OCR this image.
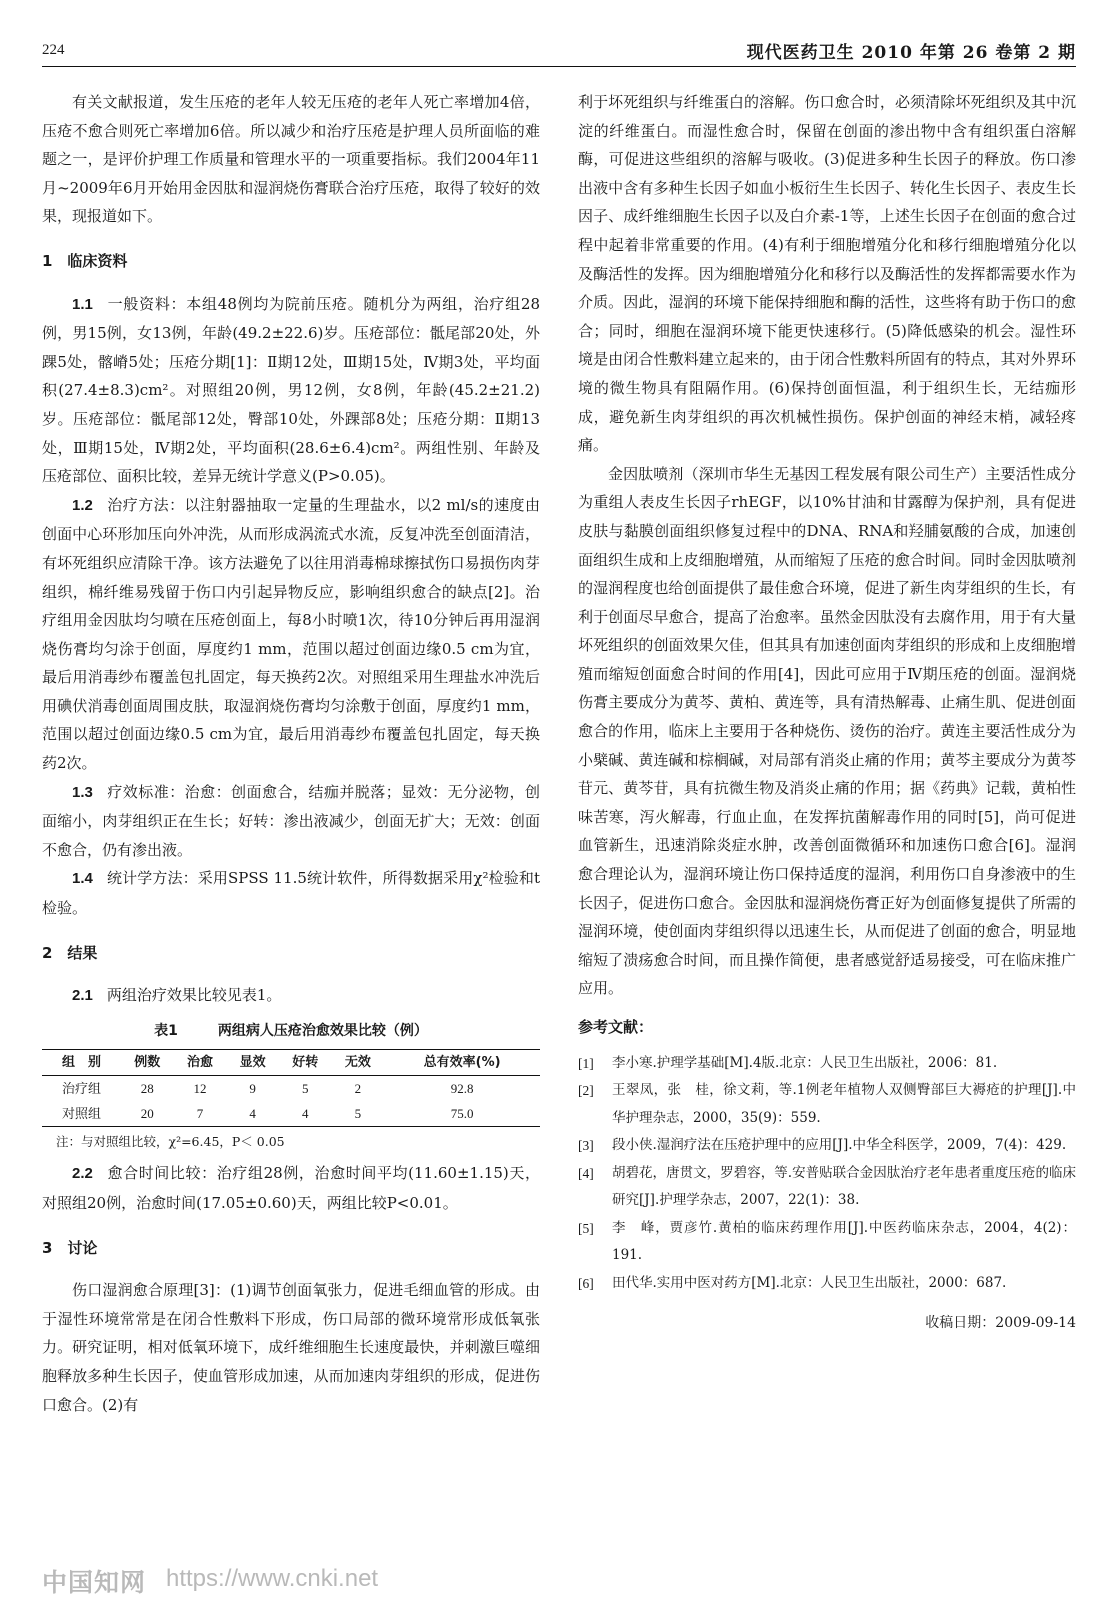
224	现代医药卫生 2010 年第 26 卷第 2 期

有关文献报道，发生压疮的老年人较无压疮的老年人死亡率增加4倍，压疮不愈合则死亡率增加6倍。所以减少和治疗压疮是护理人员所面临的难题之一，是评价护理工作质量和管理水平的一项重要指标。我们2004年11月~2009年6月开始用金因肽和湿润烧伤膏联合治疗压疮，取得了较好的效果，现报道如下。

1　临床资料

1.1 一般资料：本组48例均为院前压疮。随机分为两组，治疗组28例，男15例，女13例，年龄(49.2±22.6)岁。压疮部位：骶尾部20处，外踝5处，髂嵴5处；压疮分期[1]：Ⅱ期12处，Ⅲ期15处，Ⅳ期3处，平均面积(27.4±8.3)cm²。对照组20例，男12例，女8例，年龄(45.2±21.2)岁。压疮部位：骶尾部12处，臀部10处，外踝部8处；压疮分期：Ⅱ期13处，Ⅲ期15处，Ⅳ期2处，平均面积(28.6±6.4)cm²。两组性别、年龄及压疮部位、面积比较，差异无统计学意义(P>0.05)。

1.2 治疗方法：以注射器抽取一定量的生理盐水，以2 ml/s的速度由创面中心环形加压向外冲洗，从而形成涡流式水流，反复冲洗至创面清洁，有坏死组织应清除干净。该方法避免了以往用消毒棉球擦拭伤口易损伤肉芽组织，棉纤维易残留于伤口内引起异物反应，影响组织愈合的缺点[2]。治疗组用金因肽均匀喷在压疮创面上，每8小时喷1次，待10分钟后再用湿润烧伤膏均匀涂于创面，厚度约1 mm，范围以超过创面边缘0.5 cm为宜，最后用消毒纱布覆盖包扎固定，每天换药2次。对照组采用生理盐水冲洗后用碘伏消毒创面周围皮肤，取湿润烧伤膏均匀涂敷于创面，厚度约1 mm，范围以超过创面边缘0.5 cm为宜，最后用消毒纱布覆盖包扎固定，每天换药2次。

1.3 疗效标准：治愈：创面愈合，结痂并脱落；显效：无分泌物，创面缩小，肉芽组织正在生长；好转：渗出液减少，创面无扩大；无效：创面不愈合，仍有渗出液。

1.4 统计学方法：采用SPSS 11.5统计软件，所得数据采用χ²检验和t检验。

2　结果

2.1 两组治疗效果比较见表1。

表1	两组病人压疮治愈效果比较（例）

组　别	例数	治愈	显效	好转	无效	总有效率(%)
治疗组	28	12	9	5	2	92.8
对照组	20	7	4	4	5	75.0

注：与对照组比较，χ²=6.45，P＜ 0.05

2.2 愈合时间比较：治疗组28例，治愈时间平均(11.60±1.15)天，对照组20例，治愈时间(17.05±0.60)天，两组比较P<0.01。

3　讨论

伤口湿润愈合原理[3]：(1)调节创面氧张力，促进毛细血管的形成。由于湿性环境常常是在闭合性敷料下形成，伤口局部的微环境常形成低氧张力。研究证明，相对低氧环境下，成纤维细胞生长速度最快，并刺激巨噬细胞释放多种生长因子，使血管形成加速，从而加速肉芽组织的形成，促进伤口愈合。(2)有

利于坏死组织与纤维蛋白的溶解。伤口愈合时，必须清除坏死组织及其中沉淀的纤维蛋白。而湿性愈合时，保留在创面的渗出物中含有组织蛋白溶解酶，可促进这些组织的溶解与吸收。(3)促进多种生长因子的释放。伤口渗出液中含有多种生长因子如血小板衍生生长因子、转化生长因子、表皮生长因子、成纤维细胞生长因子以及白介素-1等，上述生长因子在创面的愈合过程中起着非常重要的作用。(4)有利于细胞增殖分化和移行细胞增殖分化以及酶活性的发挥。因为细胞增殖分化和移行以及酶活性的发挥都需要水作为介质。因此，湿润的环境下能保持细胞和酶的活性，这些将有助于伤口的愈合；同时，细胞在湿润环境下能更快速移行。(5)降低感染的机会。湿性环境是由闭合性敷料建立起来的，由于闭合性敷料所固有的特点，其对外界环境的微生物具有阻隔作用。(6)保持创面恒温，利于组织生长，无结痂形成，避免新生肉芽组织的再次机械性损伤。保护创面的神经末梢，减轻疼痛。

金因肽喷剂（深圳市华生无基因工程发展有限公司生产）主要活性成分为重组人表皮生长因子rhEGF，以10%甘油和甘露醇为保护剂，具有促进皮肤与黏膜创面组织修复过程中的DNA、RNA和羟脯氨酸的合成，加速创面组织生成和上皮细胞增殖，从而缩短了压疮的愈合时间。同时金因肽喷剂的湿润程度也给创面提供了最佳愈合环境，促进了新生肉芽组织的生长，有利于创面尽早愈合，提高了治愈率。虽然金因肽没有去腐作用，用于有大量坏死组织的创面效果欠佳，但其具有加速创面肉芽组织的形成和上皮细胞增殖而缩短创面愈合时间的作用[4]，因此可应用于Ⅳ期压疮的创面。湿润烧伤膏主要成分为黄芩、黄柏、黄连等，具有清热解毒、止痛生肌、促进创面愈合的作用，临床上主要用于各种烧伤、烫伤的治疗。黄连主要活性成分为小檗碱、黄连碱和棕榈碱，对局部有消炎止痛的作用；黄芩主要成分为黄芩苷元、黄芩苷，具有抗微生物及消炎止痛的作用；据《药典》记载，黄柏性味苦寒，泻火解毒，行血止血，在发挥抗菌解毒作用的同时[5]，尚可促进血管新生，迅速消除炎症水肿，改善创面微循环和加速伤口愈合[6]。湿润愈合理论认为，湿润环境让伤口保持适度的湿润，利用伤口自身渗液中的生长因子，促进伤口愈合。金因肽和湿润烧伤膏正好为创面修复提供了所需的湿润环境，使创面肉芽组织得以迅速生长，从而促进了创面的愈合，明显地缩短了溃疡愈合时间，而且操作简便，患者感觉舒适易接受，可在临床推广应用。

参考文献：

[1]	李小寒.护理学基础[M].4版.北京：人民卫生出版社，2006：81.
[2]	王翠凤，张　桂，徐文莉，等.1例老年植物人双侧臀部巨大褥疮的护理[J].中华护理杂志，2000，35(9)：559.
[3]	段小侠.湿润疗法在压疮护理中的应用[J].中华全科医学，2009，7(4)：429.
[4]	胡碧花，唐贯文，罗碧容，等.安普贴联合金因肽治疗老年患者重度压疮的临床研究[J].护理学杂志，2007，22(1)：38.
[5]	李　峰，贾彦竹.黄柏的临床药理作用[J].中医药临床杂志，2004，4(2)：191.
[6]	田代华.实用中医对药方[M].北京：人民卫生出版社，2000：687.

收稿日期：2009-09-14

中国知网 https://www.cnki.net
